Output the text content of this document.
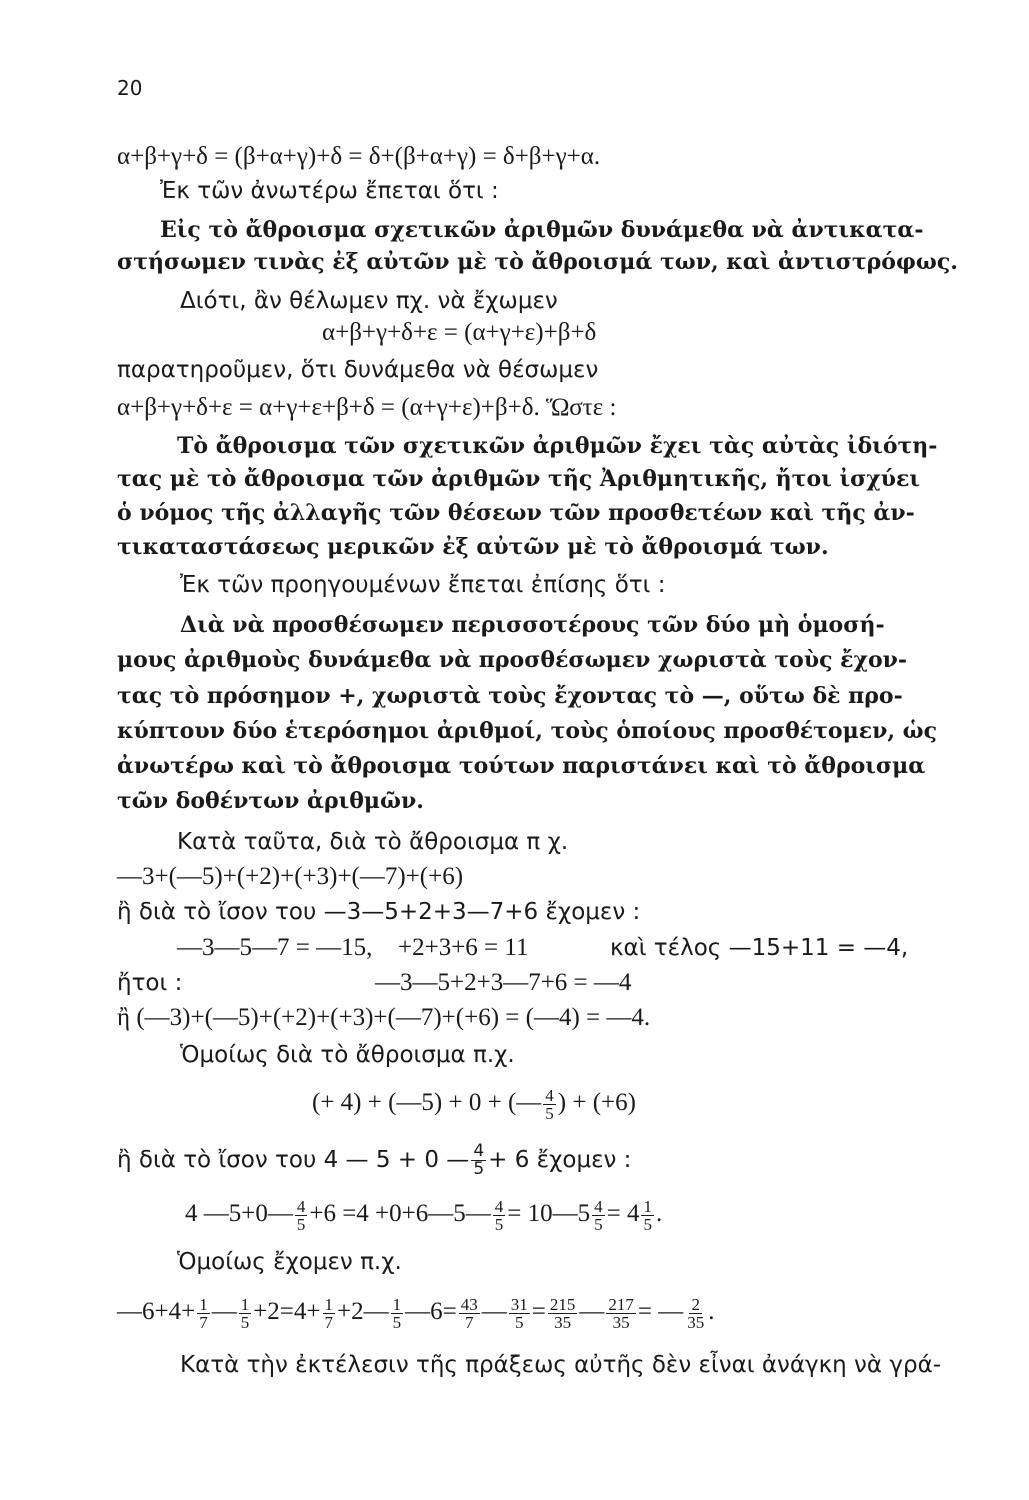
20
α+β+γ+δ = (β+α+γ)+δ = δ+(β+α+γ) = δ+β+γ+α.
Ἐκ τῶν ἀνωτέρω ἔπεται ὅτι :
Εἰς τὸ ἄθροισμα σχετικῶν ἀριθμῶν δυνάμεθα νὰ ἀντικατα-
στήσωμεν τινὰς ἐξ αὐτῶν μὲ τὸ ἄθροισμά των, καὶ ἀντιστρόφως.
Διότι, ἂν θέλωμεν πχ. νὰ ἔχωμεν
α+β+γ+δ+ε = (α+γ+ε)+β+δ
παρατηροῦμεν, ὅτι δυνάμεθα νὰ θέσωμεν
α+β+γ+δ+ε = α+γ+ε+β+δ = (α+γ+ε)+β+δ. Ὥστε :
Τὸ ἄθροισμα τῶν σχετικῶν ἀριθμῶν ἔχει τὰς αὐτὰς ἰδιότη-
τας μὲ τὸ ἄθροισμα τῶν ἀριθμῶν τῆς Ἀριθμητικῆς, ἤτοι ἰσχύει
ὁ νόμος τῆς ἀλλαγῆς τῶν θέσεων τῶν προσθετέων καὶ τῆς ἀν-
τικαταστάσεως μερικῶν ἐξ αὐτῶν μὲ τὸ ἄθροισμά των.
Ἐκ τῶν προηγουμένων ἔπεται ἐπίσης ὅτι :
Διὰ νὰ προσθέσωμεν περισσοτέρους τῶν δύο μὴ ὁμοσή-
μους ἀριθμοὺς δυνάμεθα νὰ προσθέσωμεν χωριστὰ τοὺς ἔχον-
τας τὸ πρόσημον +, χωριστὰ τοὺς ἔχοντας τὸ —, οὕτω δὲ προ-
κύπτουν δύο ἑτερόσημοι ἀριθμοί, τοὺς ὁποίους προσθέτομεν, ὡς
ἀνωτέρω καὶ τὸ ἄθροισμα τούτων παριστάνει καὶ τὸ ἄθροισμα
τῶν δοθέντων ἀριθμῶν.
Κατὰ ταῦτα, διὰ τὸ ἄθροισμα π χ.
—3+(—5)+(+2)+(+3)+(—7)+(+6)
ἢ διὰ τὸ ἴσον του —3—5+2+3—7+6 ἔχομεν :
—3—5—7 = —15, +2+3+6 = 11	καὶ τέλος —15+11 = —4,
ἤτοι :	—3—5+2+3—7+6 = —4
ἢ (—3)+(—5)+(+2)+(+3)+(—7)+(+6) = (—4) = —4.
Ὁμοίως διὰ τὸ ἄθροισμα π.χ.
(+ 4) + (—5) + 0 + (— $\frac{4}{5}$ ) + (+6)
ἢ διὰ τὸ ἴσον του 4 — 5 + 0 — $\frac{4}{5} + 6$ ἔχομεν :
4 —5+0— $\frac{4}{5} +6 =4$ +0+6—5— $\frac{4}{5}$ = 10—5 $\frac{4}{5} = 4 \frac{1}{5}$ .
Ὁμοίως ἔχομεν π.χ.
—6+4+ $\frac{1}{7}$ — $\frac{1}{5} +2=4+ \frac{1}{7}$ +2— $\frac{1}{5}$ —6= $\frac{43}{7}$ — $\frac{31}{5} = \frac{215}{35}$ — $\frac{217}{35}$ = — $\frac{2}{35}$ .
Κατὰ τὴν ἐκτέλεσιν τῆς πράξεως αὐτῆς δὲν εἶναι ἀνάγκη νὰ γρά-
